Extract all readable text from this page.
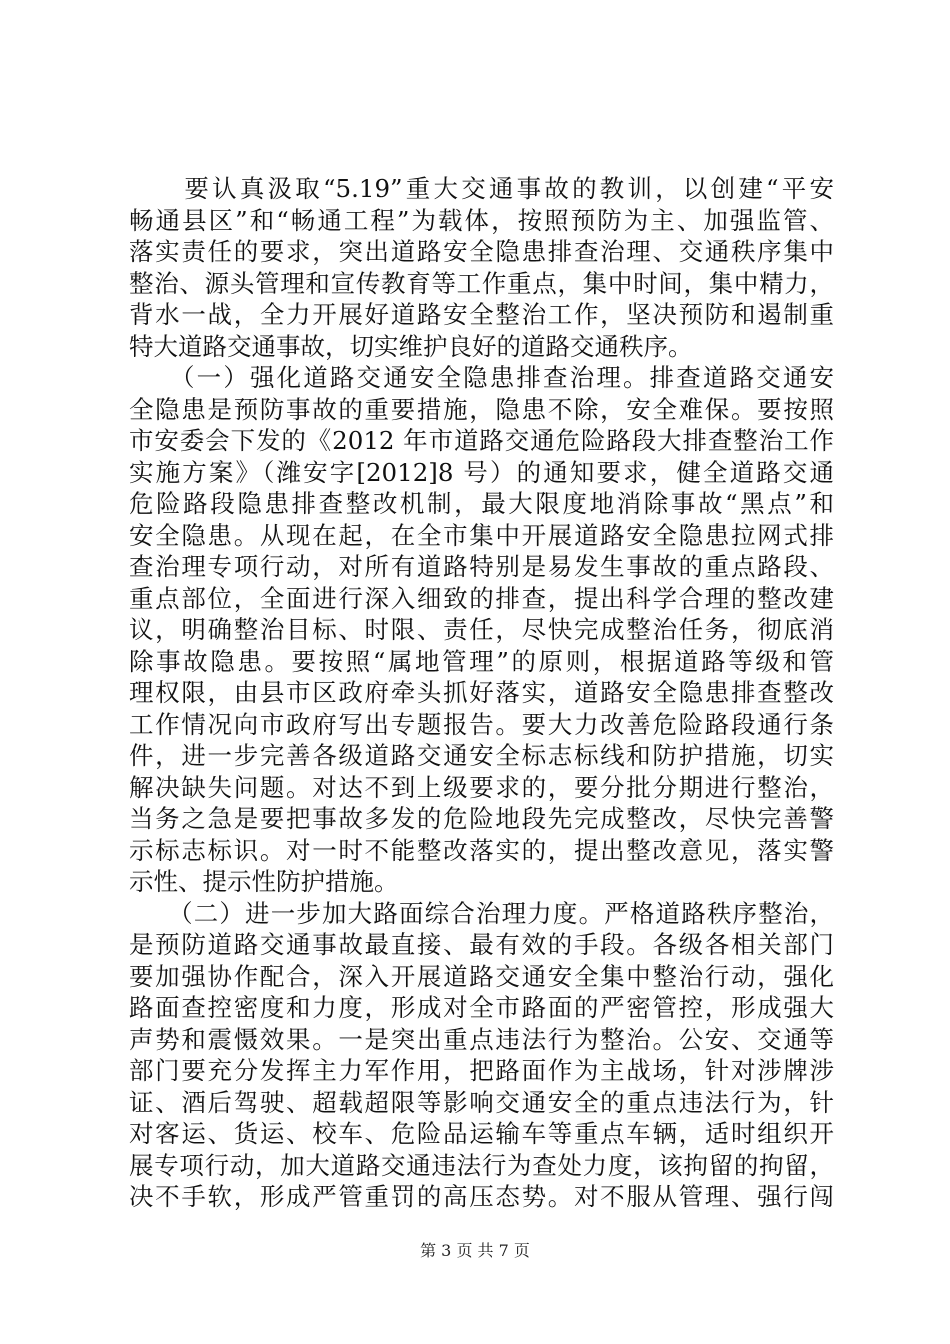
　　要认真汲取“5.19”重大交通事故的教训，以创建“平安
畅通县区”和“畅通工程”为载体，按照预防为主、加强监管、
落实责任的要求，突出道路安全隐患排查治理、交通秩序集中
整治、源头管理和宣传教育等工作重点，集中时间，集中精力，
背水一战，全力开展好道路安全整治工作，坚决预防和遏制重
特大道路交通事故，切实维护良好的道路交通秩序。
　　（一）强化道路交通安全隐患排查治理。排查道路交通安
全隐患是预防事故的重要措施，隐患不除，安全难保。要按照
市安委会下发的《2012 年市道路交通危险路段大排查整治工作
实施方案》（潍安字[2012]8 号）的通知要求，健全道路交通
危险路段隐患排查整改机制，最大限度地消除事故“黑点”和
安全隐患。从现在起，在全市集中开展道路安全隐患拉网式排
查治理专项行动，对所有道路特别是易发生事故的重点路段、
重点部位，全面进行深入细致的排查，提出科学合理的整改建
议，明确整治目标、时限、责任，尽快完成整治任务，彻底消
除事故隐患。要按照“属地管理”的原则，根据道路等级和管
理权限，由县市区政府牵头抓好落实，道路安全隐患排查整改
工作情况向市政府写出专题报告。要大力改善危险路段通行条
件，进一步完善各级道路交通安全标志标线和防护措施，切实
解决缺失问题。对达不到上级要求的，要分批分期进行整治，
当务之急是要把事故多发的危险地段先完成整改，尽快完善警
示标志标识。对一时不能整改落实的，提出整改意见，落实警
示性、提示性防护措施。
　　（二）进一步加大路面综合治理力度。严格道路秩序整治，
是预防道路交通事故最直接、最有效的手段。各级各相关部门
要加强协作配合，深入开展道路交通安全集中整治行动，强化
路面查控密度和力度，形成对全市路面的严密管控，形成强大
声势和震慑效果。一是突出重点违法行为整治。公安、交通等
部门要充分发挥主力军作用，把路面作为主战场，针对涉牌涉
证、酒后驾驶、超载超限等影响交通安全的重点违法行为，针
对客运、货运、校车、危险品运输车等重点车辆，适时组织开
展专项行动，加大道路交通违法行为查处力度，该拘留的拘留，
决不手软，形成严管重罚的高压态势。对不服从管理、强行闯
第 3 页 共 7 页
